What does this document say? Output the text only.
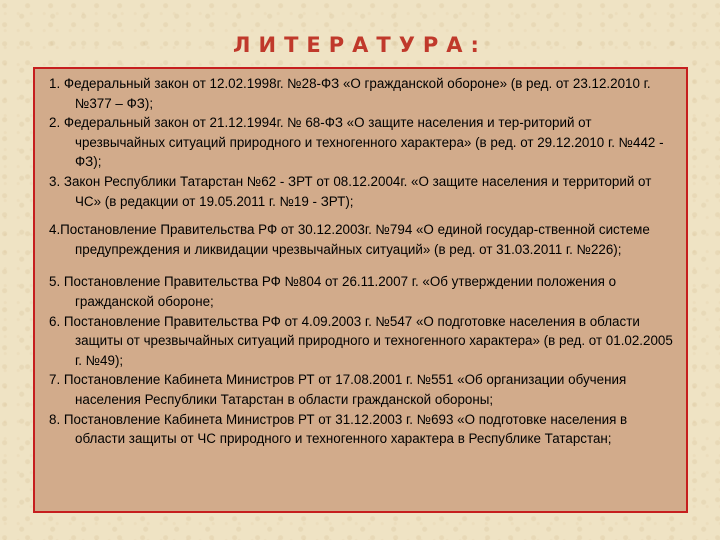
ЛИТЕРАТУРА:

1. Федеральный закон от 12.02.1998г. №28-ФЗ «О гражданской обороне» (в ред. от 23.12.2010 г. №377 – ФЗ);

2. Федеральный закон от 21.12.1994г. № 68-ФЗ «О защите населения и тер-риторий от чрезвычайных ситуаций природного и техногенного характера» (в ред. от 29.12.2010 г. №442 - ФЗ);

3. Закон Республики Татарстан №62 - ЗРТ от 08.12.2004г. «О защите населения и территорий от ЧС» (в редакции от 19.05.2011 г. №19 - ЗРТ);

4.Постановление Правительства РФ от 30.12.2003г. №794 «О единой государ-ственной системе предупреждения и ликвидации чрезвычайных ситуаций» (в ред. от 31.03.2011 г. №226);

5. Постановление Правительства РФ №804 от 26.11.2007 г. «Об утверждении положения о гражданской обороне;

6. Постановление Правительства РФ от 4.09.2003 г. №547 «О подготовке населения в области защиты от чрезвычайных ситуаций природного и техногенного характера» (в ред. от 01.02.2005 г. №49);

7. Постановление Кабинета Министров РТ от 17.08.2001 г. №551 «Об организации обучения населения Республики Татарстан в области гражданской обороны;

8. Постановление Кабинета Министров РТ от 31.12.2003 г. №693 «О подготовке населения в области защиты от ЧС природного и техногенного характера в Республике Татарстан;
